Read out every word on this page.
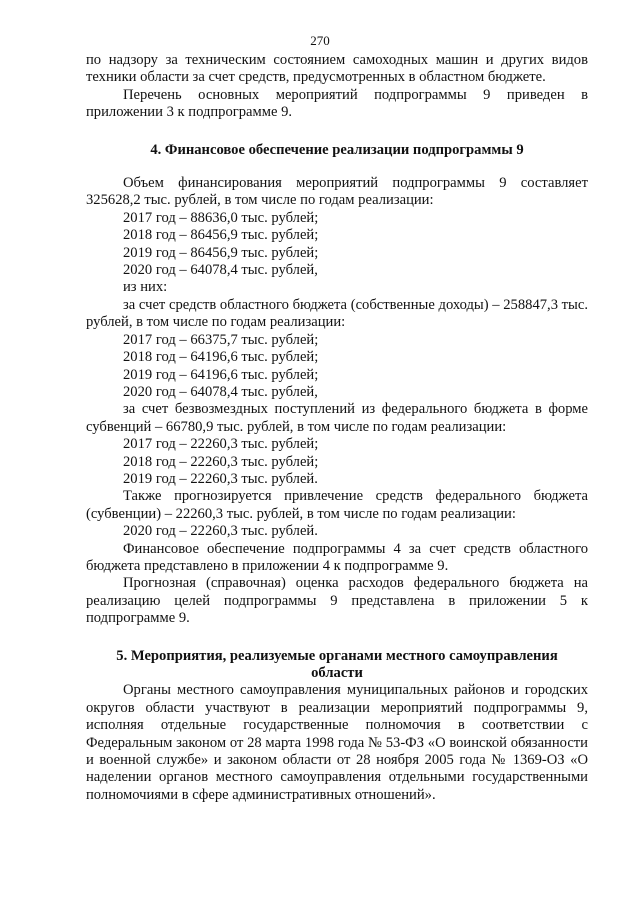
270

по надзору за техническим состоянием самоходных машин и других видов техники области за счет средств, предусмотренных в областном бюджете.

Перечень основных мероприятий подпрограммы 9 приведен в приложении 3 к подпрограмме 9.

4. Финансовое обеспечение реализации подпрограммы 9

Объем финансирования мероприятий подпрограммы 9 составляет 325628,2 тыс. рублей, в том числе по годам реализации:

2017 год – 88636,0 тыс. рублей;

2018 год – 86456,9 тыс. рублей;

2019 год – 86456,9 тыс. рублей;

2020 год – 64078,4 тыс. рублей,

из них:

за счет средств областного бюджета (собственные доходы) – 258847,3 тыс. рублей, в том числе по годам реализации:

2017 год – 66375,7 тыс. рублей;

2018 год – 64196,6 тыс. рублей;

2019 год – 64196,6 тыс. рублей;

2020 год – 64078,4 тыс. рублей,

за счет безвозмездных поступлений из федерального бюджета в форме субвенций – 66780,9 тыс. рублей, в том числе по годам реализации:

2017 год – 22260,3 тыс. рублей;

2018 год – 22260,3 тыс. рублей;

2019 год – 22260,3 тыс. рублей.

Также прогнозируется привлечение средств федерального бюджета (субвенции) – 22260,3 тыс. рублей, в том числе по годам реализации:

2020 год – 22260,3 тыс. рублей.

Финансовое обеспечение подпрограммы 4 за счет средств областного бюджета представлено в приложении 4 к подпрограмме 9.

Прогнозная (справочная) оценка расходов федерального бюджета на реализацию целей подпрограммы 9 представлена в приложении 5 к подпрограмме 9.

5. Мероприятия, реализуемые органами местного самоуправления
области

Органы местного самоуправления муниципальных районов и городских округов области участвуют в реализации мероприятий подпрограммы 9, исполняя отдельные государственные полномочия в соответствии с Федеральным законом от 28 марта 1998 года № 53-ФЗ «О воинской обязанности и военной службе» и законом области от 28 ноября 2005 года № 1369-ОЗ «О наделении органов местного самоуправления отдельными государственными полномочиями в сфере административных отношений».
